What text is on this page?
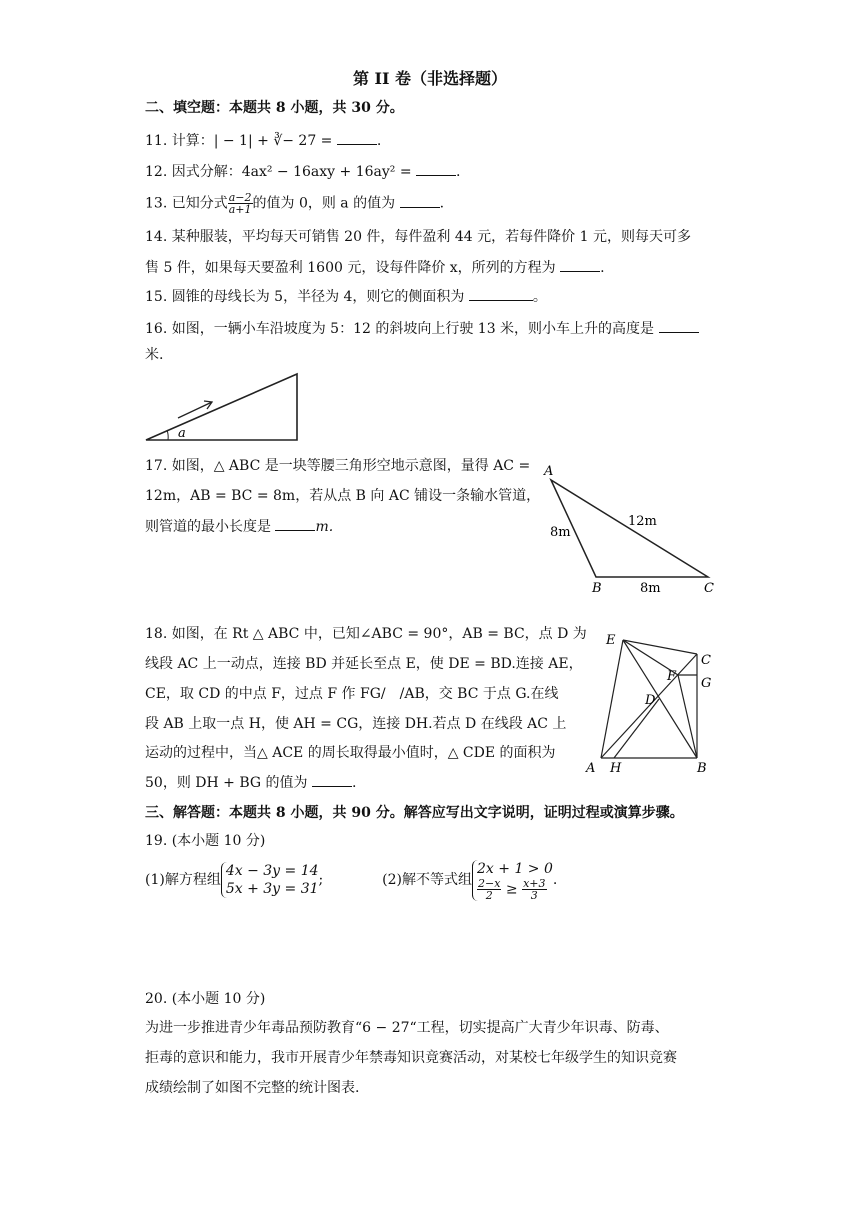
第 II 卷（非选择题）
二、填空题：本题共 8 小题，共 30 分。
11. 计算：| − 1| + ∛− 27 =	.
12. 因式分解：4ax² − 16axy + 16ay² =	.
13. 已知分式 $\frac{a-2}{a+1}$ 的值为 0，则 a 的值为	.
14. 某种服装，平均每天可销售 20 件，每件盈利 44 元，若每件降价 1 元，则每天可多
售 5 件，如果每天要盈利 1600 元，设每件降价 x，所列的方程为	.
15. 圆锥的母线长为 5，半径为 4，则它的侧面积为	。
16. 如图，一辆小车沿坡度为 5：12 的斜坡向上行驶 13 米，则小车上升的高度是
米.
a
17. 如图，△ ABC 是一块等腰三角形空地示意图，量得 AC =
12m，AB = BC = 8m，若从点 B 向 AC 铺设一条输水管道，
则管道的最小长度是	m.
A
B	C
8m
8m
12m
18. 如图，在 Rt △ ABC 中，已知∠ABC = 90°，AB = BC，点 D 为
线段 AC 上一动点，连接 BD 并延长至点 E，使 DE = BD.连接 AE，
CE，取 CD 的中点 F，过点 F 作 FG/　/AB，交 BC 于点 G.在线
段 AB 上取一点 H，使 AH = CG，连接 DH.若点 D 在线段 AC 上
运动的过程中，当△ ACE 的周长取得最小值时，△ CDE 的面积为
50，则 DH + BG 的值为	.
E
C
F G
D
A H	B
三、解答题：本题共 8 小题，共 90 分。解答应写出文字说明，证明过程或演算步骤。
19. (本小题 10 分)
(1)解方程组
4x − 3y = 14
5x + 3y = 31
;	(2)解不等式组
2x + 1 > 0
$\frac{2-x}{2} \ge \frac{x+3}{3}$ .
20. (本小题 10 分)
为进一步推进青少年毒品预防教育“6 − 27“工程，切实提高广大青少年识毒、防毒、
拒毒的意识和能力，我市开展青少年禁毒知识竟赛活动，对某校七年级学生的知识竞赛
成绩绘制了如图不完整的统计图表.
